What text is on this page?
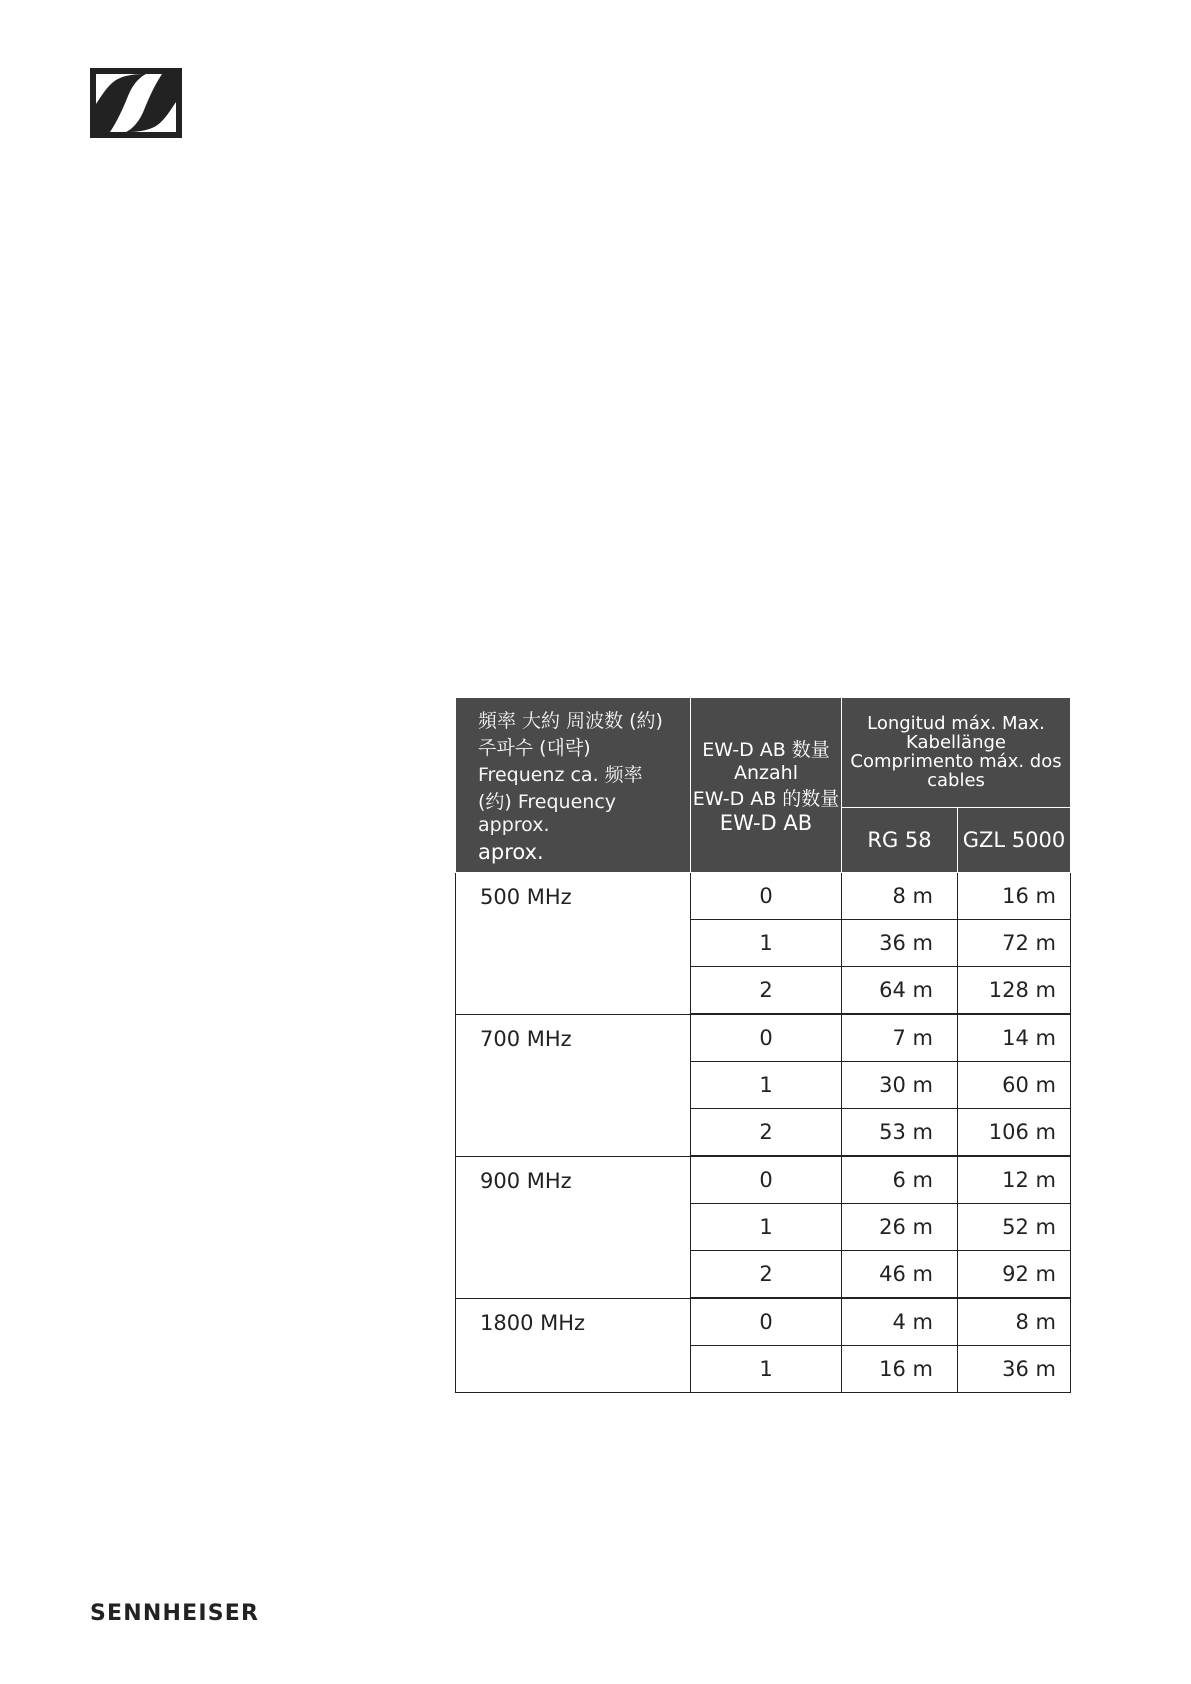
頻率 大約 周波数 (約) 주파수 (대략)
Frequenz ca. 频率 (约) Frequency approx.
aprox.	EW-D AB 数量 Anzahl
EW-D AB 的数量
EW-D AB	Longitud máx. Max. Kabellänge
Comprimento máx. dos cables	

		RG 58	GZL 5000
500 MHz	0	8 m	16 m
	1	36 m	72 m
	2	64 m	128 m
700 MHz	0	7 m	14 m
	1	30 m	60 m
	2	53 m	106 m
900 MHz	0	6 m	12 m
	1	26 m	52 m
	2	46 m	92 m
1800 MHz	0	4 m	8 m
	1	16 m	36 m
SENNHEISER
